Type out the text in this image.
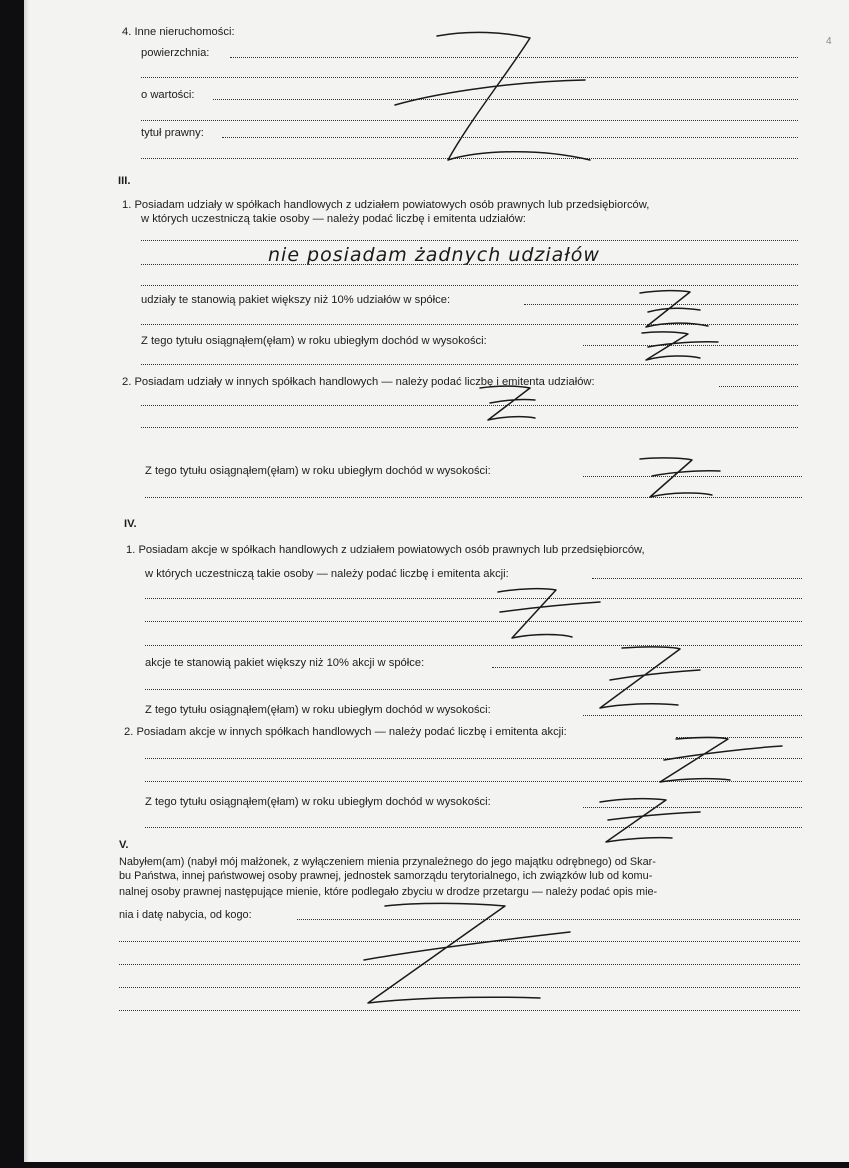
4
4. Inne nieruchomości:
powierzchnia:
o wartości:
tytuł prawny:
III.
1. Posiadam udziały w spółkach handlowych z udziałem powiatowych osób prawnych lub przedsiębiorców,
w których uczestniczą takie osoby — należy podać liczbę i emitenta udziałów:
nie posiadam żadnych udziałów
udziały te stanowią pakiet większy niż 10% udziałów w spółce:
Z tego tytułu osiągnąłem(ęłam) w roku ubiegłym dochód w wysokości:
2. Posiadam udziały w innych spółkach handlowych — należy podać liczbę i emitenta udziałów:
Z tego tytułu osiągnąłem(ęłam) w roku ubiegłym dochód w wysokości:
IV.
1. Posiadam akcje w spółkach handlowych z udziałem powiatowych osób prawnych lub przedsiębiorców,
w których uczestniczą takie osoby — należy podać liczbę i emitenta akcji:
akcje te stanowią pakiet większy niż 10% akcji w spółce:
Z tego tytułu osiągnąłem(ęłam) w roku ubiegłym dochód w wysokości:
2. Posiadam akcje w innych spółkach handlowych — należy podać liczbę i emitenta akcji:
Z tego tytułu osiągnąłem(ęłam) w roku ubiegłym dochód w wysokości:
V.
Nabyłem(am) (nabył mój małżonek, z wyłączeniem mienia przynależnego do jego majątku odrębnego) od Skar-
bu Państwa, innej państwowej osoby prawnej, jednostek samorządu terytorialnego, ich związków lub od komu-
nalnej osoby prawnej następujące mienie, które podlegało zbyciu w drodze przetargu — należy podać opis mie-
nia i datę nabycia, od kogo:
